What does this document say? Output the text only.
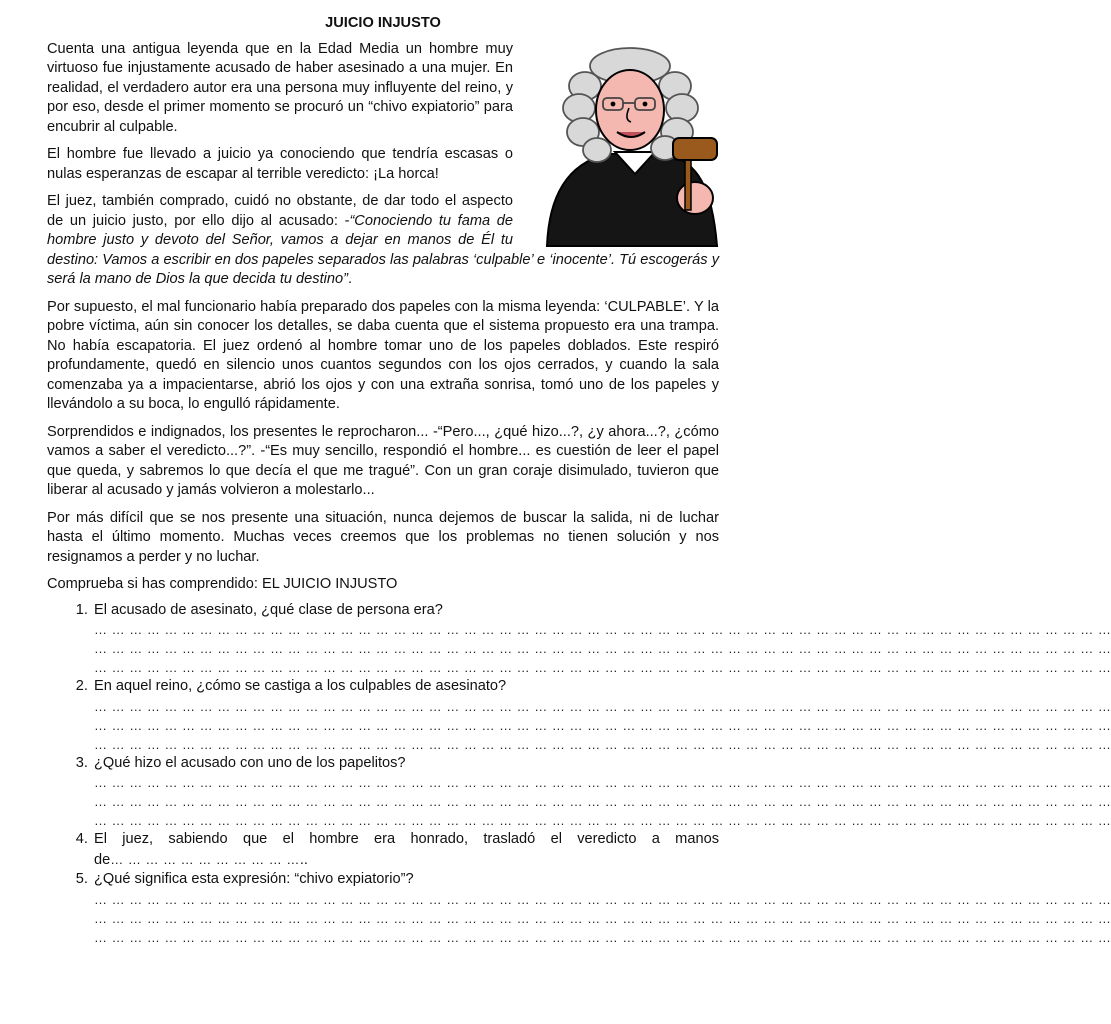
JUICIO INJUSTO

Cuenta una antigua leyenda que en la Edad Media un hombre muy virtuoso fue injustamente acusado de haber asesinado a una mujer. En realidad, el verdadero autor era una persona muy influyente del reino, y por eso, desde el primer momento se procuró un “chivo expiatorio” para encubrir al culpable.

El hombre fue llevado a juicio ya conociendo que tendría escasas o nulas esperanzas de escapar al terrible veredicto: ¡La horca!

El juez, también comprado, cuidó no obstante, de dar todo el aspecto de un juicio justo, por ello dijo al acusado: -“Conociendo tu fama de hombre justo y devoto del Señor, vamos a dejar en manos de Él tu destino: Vamos a escribir en dos papeles separados las palabras ‘culpable’ e ‘inocente’. Tú escogerás y será la mano de Dios la que decida tu destino”.

Por supuesto, el mal funcionario había preparado dos papeles con la misma leyenda: ‘CULPABLE’. Y la pobre víctima, aún sin conocer los detalles, se daba cuenta que el sistema propuesto era una trampa. No había escapatoria. El juez ordenó al hombre tomar uno de los papeles doblados. Este respiró profundamente, quedó en silencio unos cuantos segundos con los ojos cerrados, y cuando la sala comenzaba ya a impacientarse, abrió los ojos y con una extraña sonrisa, tomó uno de los papeles y llevándolo a su boca, lo engulló rápidamente.

Sorprendidos e indignados, los presentes le reprocharon... -“Pero..., ¿qué hizo...?, ¿y ahora...?, ¿cómo vamos a saber el veredicto...?”. -“Es muy sencillo, respondió el hombre... es cuestión de leer el papel que queda, y sabremos lo que decía el que me tragué”. Con un gran coraje disimulado, tuvieron que liberar al acusado y jamás volvieron a molestarlo...

Por más difícil que se nos presente una situación, nunca dejemos de buscar la salida, ni de luchar hasta el último momento. Muchas veces creemos que los problemas no tienen solución y nos resignamos a perder y no luchar.

Comprueba si has comprendido: EL JUICIO INJUSTO
1. El acusado de asesinato, ¿qué clase de persona era?
… … … … … … … … … … … … … … … … … … … … … … … … … … … … … … … … … … … … … … … … … … … … … … … … … … … … … … … … … …
… … … … … … … … … … … … … … … … … … … … … … … … … … … … … … … … … … … … … … … … … … … … … … … … … … … … … … … … … …
… … … … … … … … … … … … … … … … … … … … … … … … … … … … … … … … … … … … … … … … … … … … … … … … … … … … … … … … … …
2. En aquel reino, ¿cómo se castiga a los culpables de asesinato?
… … … … … … … … … … … … … … … … … … … … … … … … … … … … … … … … … … … … … … … … … … … … … … … … … … … … … … … … … …
… … … … … … … … … … … … … … … … … … … … … … … … … … … … … … … … … … … … … … … … … … … … … … … … … … … … … … … … … …
… … … … … … … … … … … … … … … … … … … … … … … … … … … … … … … … … … … … … … … … … … … … … … … … … … … … … … … … … …
3. ¿Qué hizo el acusado con uno de los papelitos?
… … … … … … … … … … … … … … … … … … … … … … … … … … … … … … … … … … … … … … … … … … … … … … … … … … … … … … … … … …
… … … … … … … … … … … … … … … … … … … … … … … … … … … … … … … … … … … … … … … … … … … … … … … … … … … … … … … … … …
… … … … … … … … … … … … … … … … … … … … … … … … … … … … … … … … … … … … … … … … … … … … … … … … … … … … … … … … … …
4. El juez, sabiendo que el hombre era honrado, trasladó el veredicto a manos de… … … … … … … … … … …..
5. ¿Qué significa esta expresión: “chivo expiatorio”?
… … … … … … … … … … … … … … … … … … … … … … … … … … … … … … … … … … … … … … … … … … … … … … … … … … … … … … … … … …
… … … … … … … … … … … … … … … … … … … … … … … … … … … … … … … … … … … … … … … … … … … … … … … … … … … … … … … … … …
… … … … … … … … … … … … … … … … … … … … … … … … … … … … … … … … … … … … … … … … … … … … … … … … … … … … … … … … … …
